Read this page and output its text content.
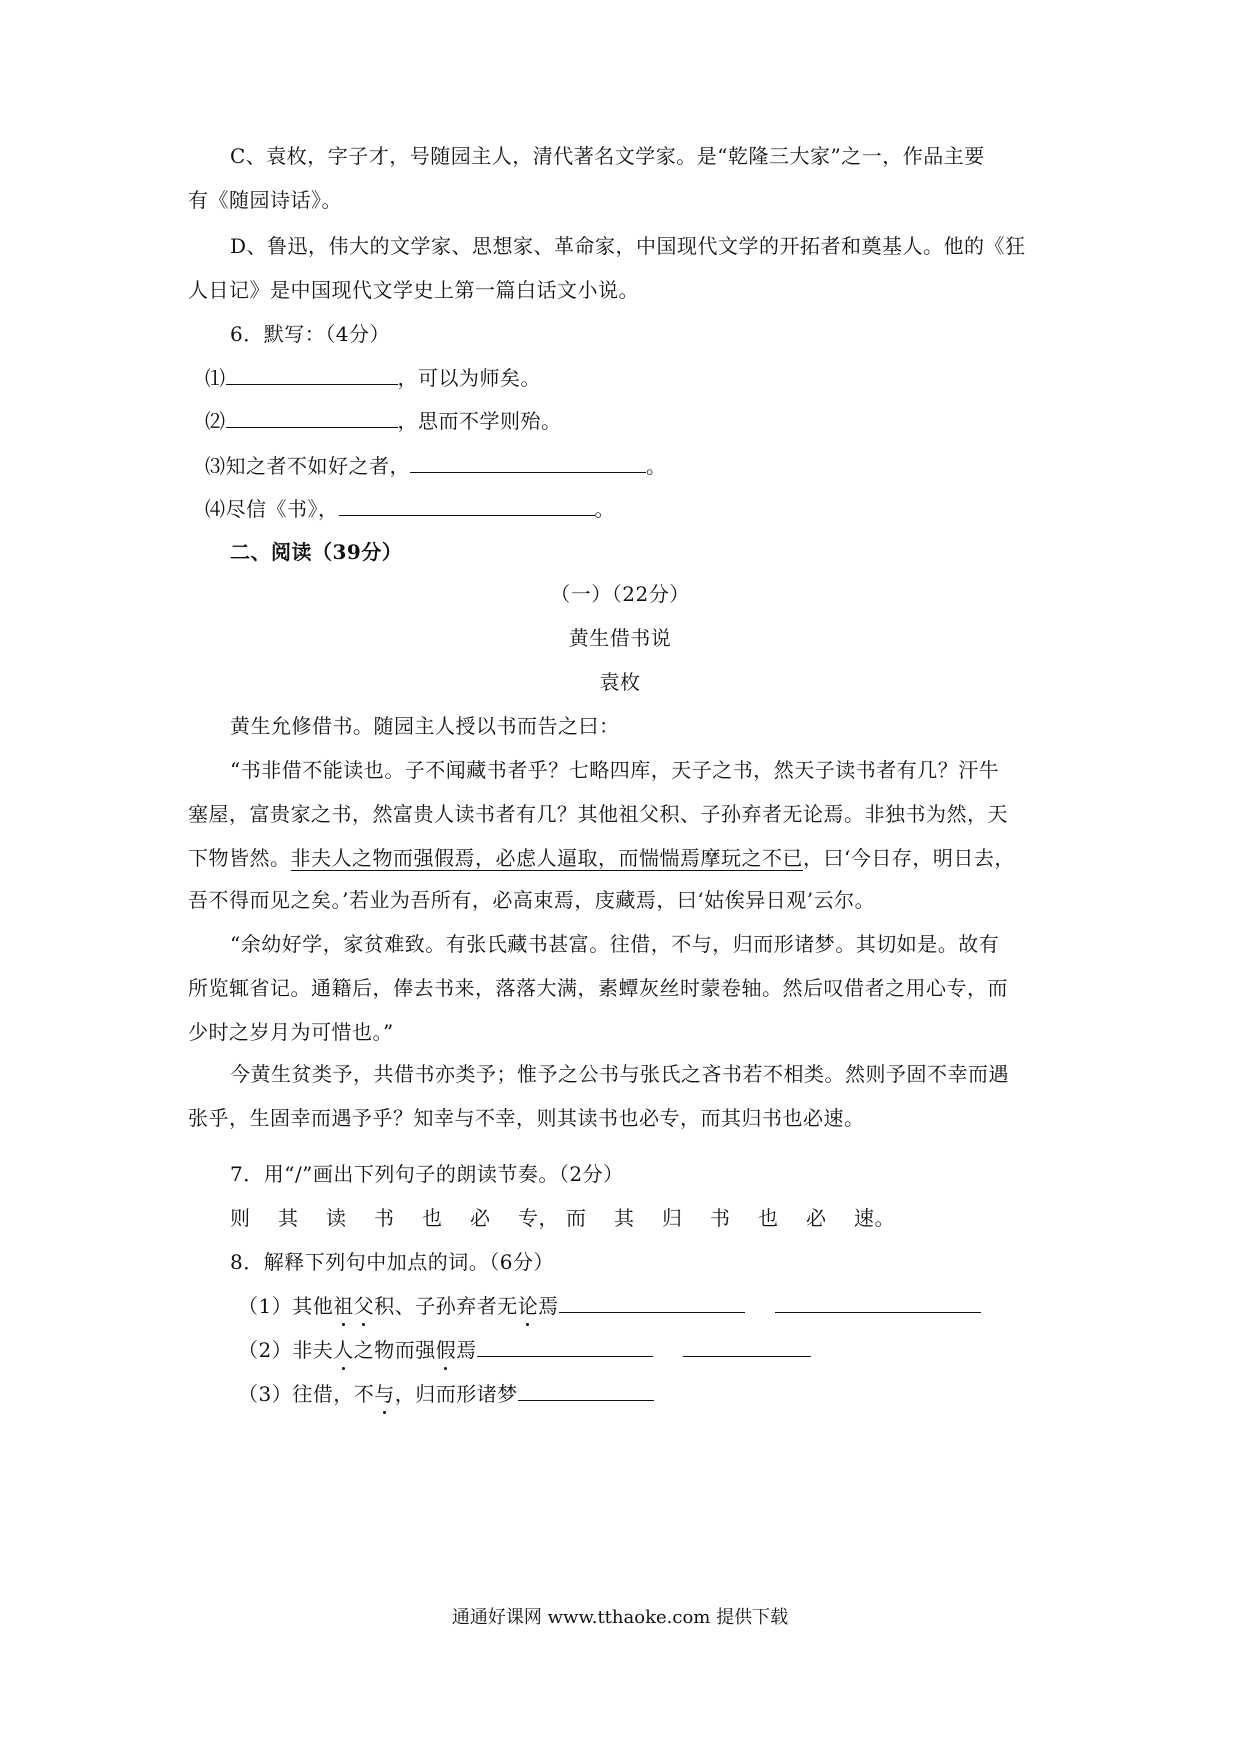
C、袁枚，字子才，号随园主人，清代著名文学家。是“乾隆三大家”之一，作品主要
有《随园诗话》。
D、鲁迅，伟大的文学家、思想家、革命家，中国现代文学的开拓者和奠基人。他的《狂
人日记》是中国现代文学史上第一篇白话文小说。
6．默写：（4分）
⑴	，可以为师矣。
⑵	，思而不学则殆。
⑶知之者不如好之者，	。
⑷尽信《书》，	。
二、阅读（39分）
（一）（22分）
黄生借书说
袁枚
黄生允修借书。随园主人授以书而告之曰：
“书非借不能读也。子不闻藏书者乎？七略四库，天子之书，然天子读书者有几？汗牛
塞屋，富贵家之书，然富贵人读书者有几？其他祖父积、子孙弃者无论焉。非独书为然，天
下物皆然。非夫人之物而强假焉，必虑人逼取，而惴惴焉摩玩之不已，曰‘今日存，明日去，
吾不得而见之矣。’若业为吾所有，必高束焉，庋藏焉，曰‘姑俟异日观’云尔。
“余幼好学，家贫难致。有张氏藏书甚富。往借，不与，归而形诸梦。其切如是。故有
所览辄省记。通籍后，俸去书来，落落大满，素蟫灰丝时蒙卷轴。然后叹借者之用心专，而
少时之岁月为可惜也。”
今黄生贫类予，共借书亦类予；惟予之公书与张氏之吝书若不相类。然则予固不幸而遇
张乎，生固幸而遇予乎？知幸与不幸，则其读书也必专，而其归书也必速。
7．用“/”画出下列句子的朗读节奏。（2分）
则 其 读 书 也 必 专， 而 其 归 书 也 必 速。
8．解释下列句中加点的词。（6分）
（1）其他祖父积、子孙弃者无论焉
（2）非夫人之物而强假焉
（3）往借，不与，归而形诸梦
通通好课网 www.tthaoke.com 提供下载
